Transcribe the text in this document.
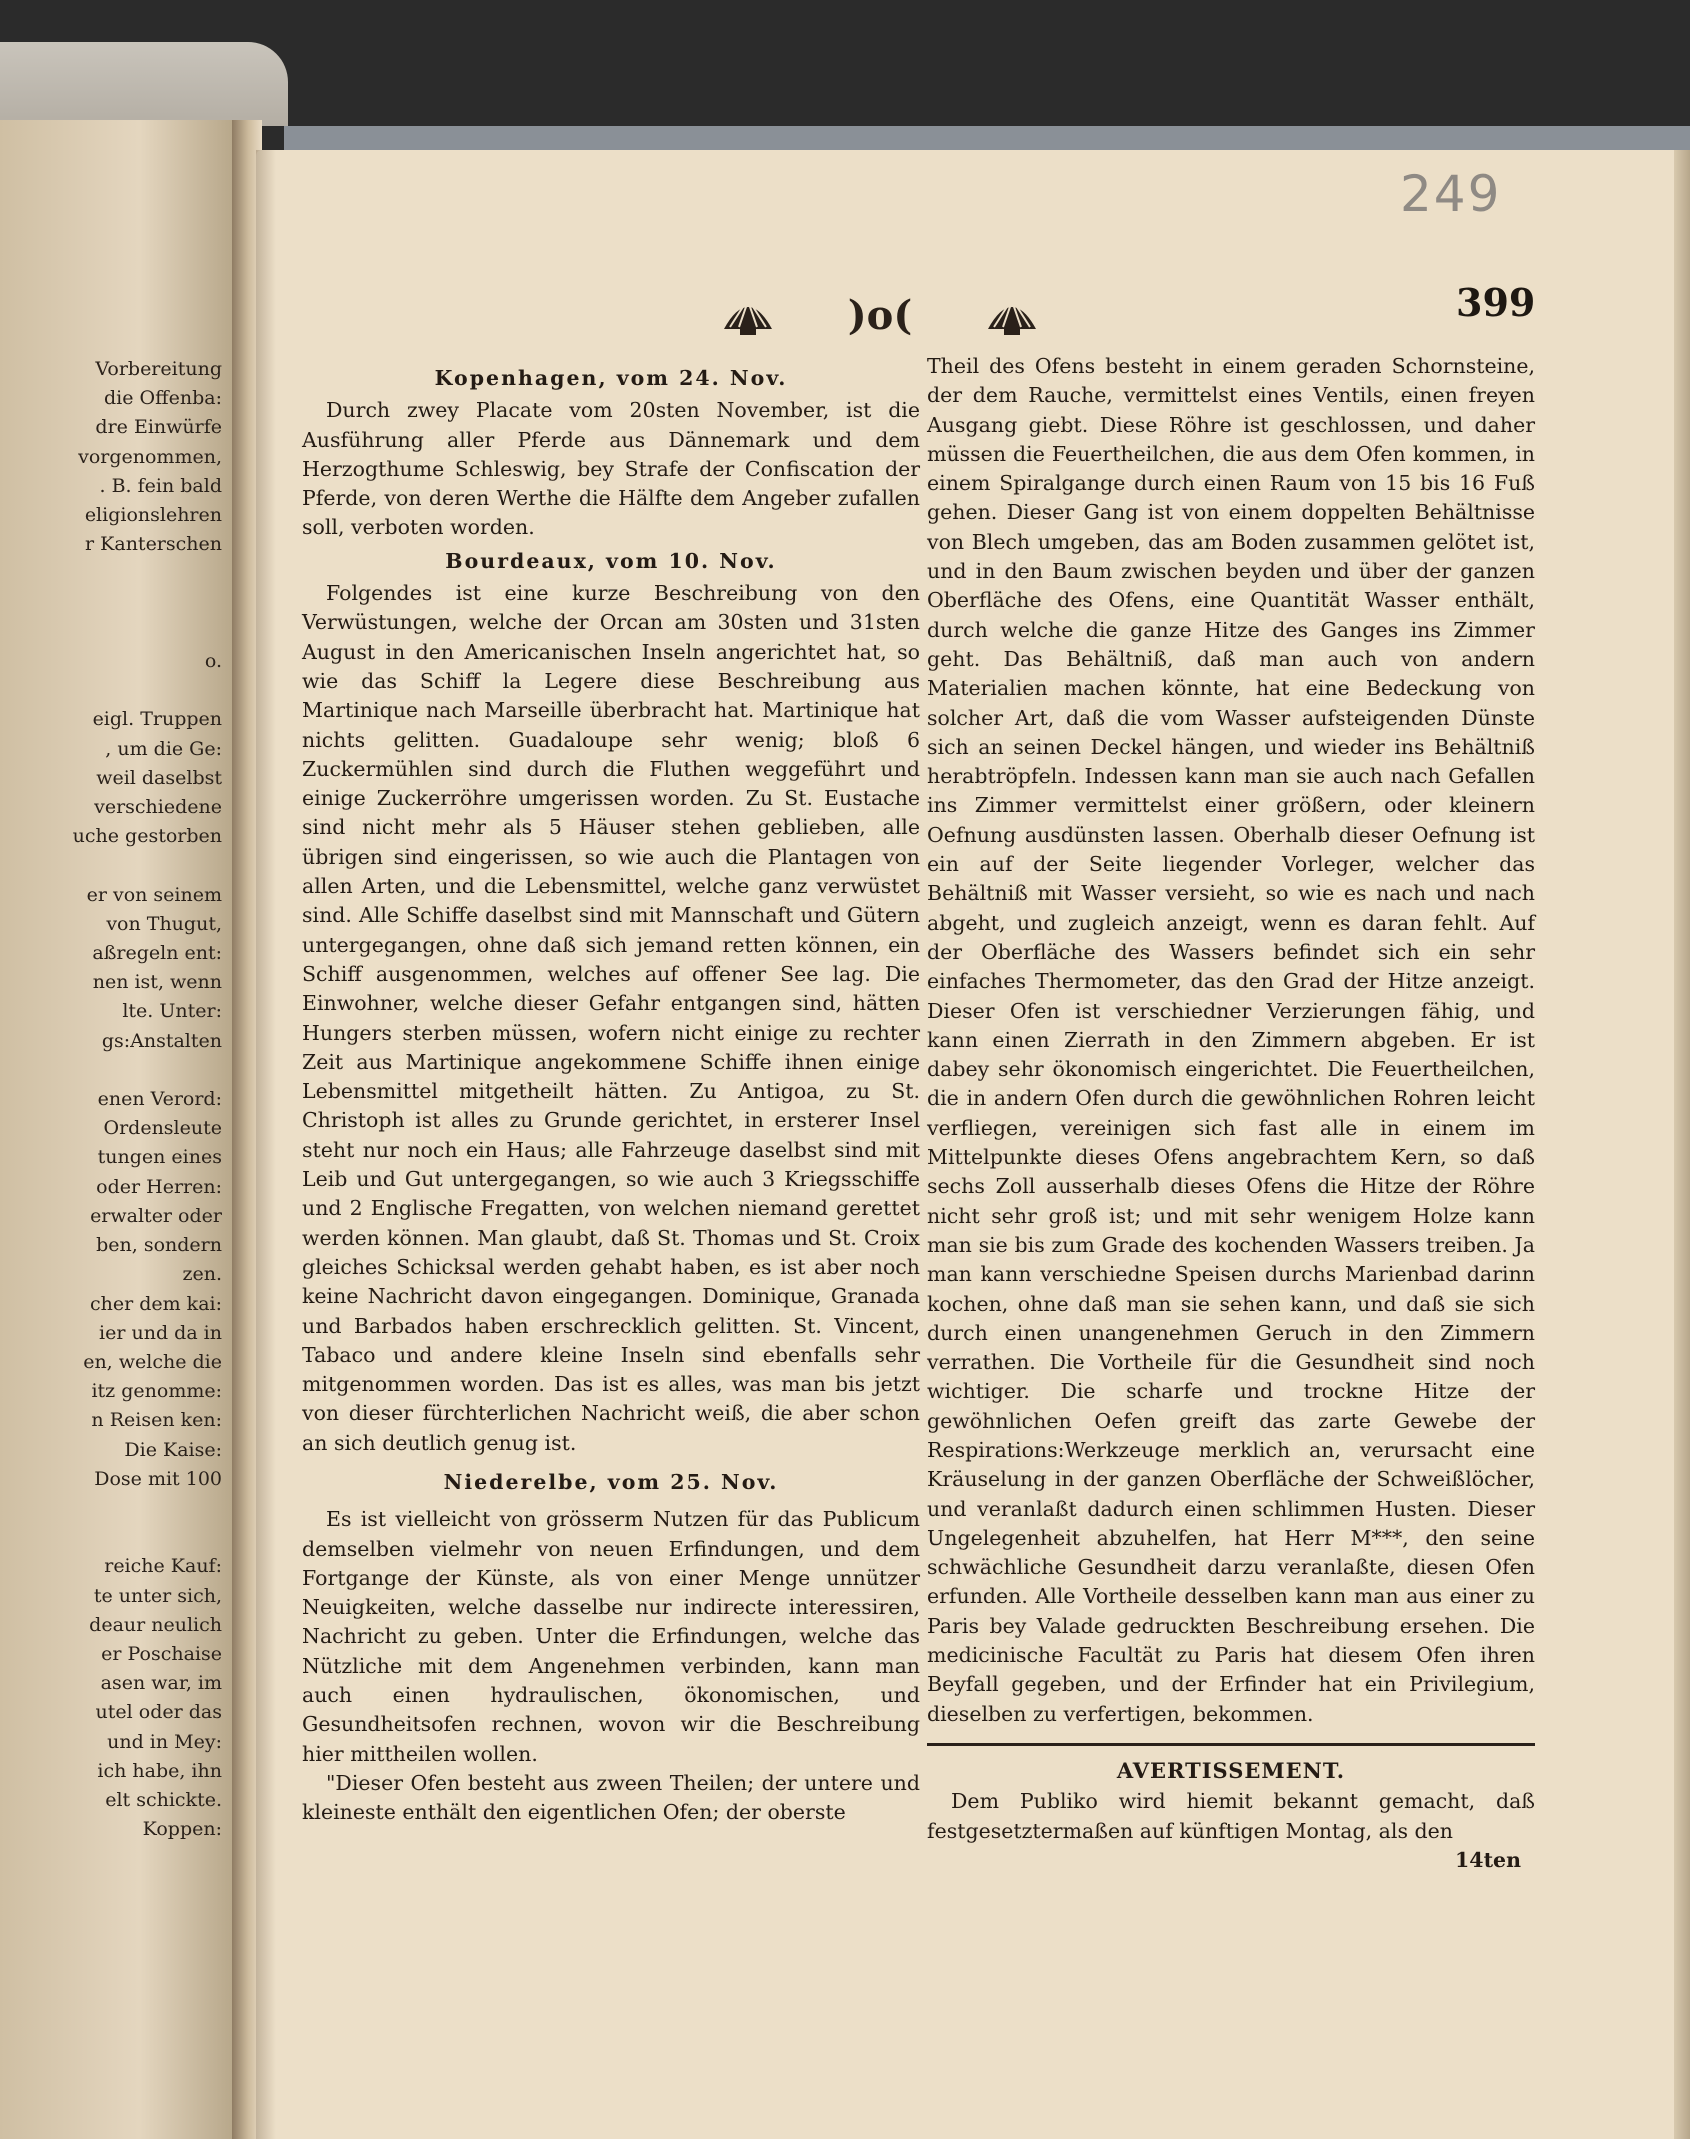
Vorbereitung
die Offenba:
dre Einwürfe
vorgenommen,
. B. fein bald
eligionslehren
r Kanterschen

o.

eigl. Truppen
, um die Ge:
weil daselbst
verschiedene
uche gestorben

er von seinem
von Thugut,
aßregeln ent:
nen ist, wenn
lte. Unter:
gs:Anstalten

enen Verord:
Ordensleute
tungen eines
oder Herren:
erwalter oder
ben, sondern
zen.
cher dem kai:
ier und da in
en, welche die
itz genomme:
n Reisen ken:
Die Kaise:
Dose mit 100

reiche Kauf:
te unter sich,
deaur neulich
er Poschaise
asen war, im
utel oder das
und in Mey:
ich habe, ihn
elt schickte.
Koppen:
249
)o(	399

Kopenhagen, vom 24. Nov.

Durch zwey Placate vom 20sten November, ist die Ausführung aller Pferde aus Dännemark und dem Herzogthume Schleswig, bey Strafe der Confiscation der Pferde, von deren Werthe die Hälfte dem Angeber zufallen soll, verboten worden.

Bourdeaux, vom 10. Nov.

Folgendes ist eine kurze Beschreibung von den Verwüstungen, welche der Orcan am 30sten und 31sten August in den Americanischen Inseln angerichtet hat, so wie das Schiff la Legere diese Beschreibung aus Martinique nach Marseille überbracht hat. Martinique hat nichts gelitten. Guadaloupe sehr wenig; bloß 6 Zuckermühlen sind durch die Fluthen weggeführt und einige Zuckerröhre umgerissen worden. Zu St. Eustache sind nicht mehr als 5 Häuser stehen geblieben, alle übrigen sind eingerissen, so wie auch die Plantagen von allen Arten, und die Lebensmittel, welche ganz verwüstet sind. Alle Schiffe daselbst sind mit Mannschaft und Gütern untergegangen, ohne daß sich jemand retten können, ein Schiff ausgenommen, welches auf offener See lag. Die Einwohner, welche dieser Gefahr entgangen sind, hätten Hungers sterben müssen, wofern nicht einige zu rechter Zeit aus Martinique angekommene Schiffe ihnen einige Lebensmittel mitgetheilt hätten. Zu Antigoa, zu St. Christoph ist alles zu Grunde gerichtet, in ersterer Insel steht nur noch ein Haus; alle Fahrzeuge daselbst sind mit Leib und Gut untergegangen, so wie auch 3 Kriegsschiffe und 2 Englische Fregatten, von welchen niemand gerettet werden können. Man glaubt, daß St. Thomas und St. Croix gleiches Schicksal werden gehabt haben, es ist aber noch keine Nachricht davon eingegangen. Dominique, Granada und Barbados haben erschrecklich gelitten. St. Vincent, Tabaco und andere kleine Inseln sind ebenfalls sehr mitgenommen worden. Das ist es alles, was man bis jetzt von dieser fürchterlichen Nachricht weiß, die aber schon an sich deutlich genug ist.

Niederelbe, vom 25. Nov.

Es ist vielleicht von grösserm Nutzen für das Publicum demselben vielmehr von neuen Erfindungen, und dem Fortgange der Künste, als von einer Menge unnützer Neuigkeiten, welche dasselbe nur indirecte interessiren, Nachricht zu geben. Unter die Erfindungen, welche das Nützliche mit dem Angenehmen verbinden, kann man auch einen hydraulischen, ökonomischen, und Gesundheitsofen rechnen, wovon wir die Beschreibung hier mittheilen wollen.

"Dieser Ofen besteht aus zween Theilen; der untere und kleineste enthält den eigentlichen Ofen; der oberste

Theil des Ofens besteht in einem geraden Schornsteine, der dem Rauche, vermittelst eines Ventils, einen freyen Ausgang giebt. Diese Röhre ist geschlossen, und daher müssen die Feuertheilchen, die aus dem Ofen kommen, in einem Spiralgange durch einen Raum von 15 bis 16 Fuß gehen. Dieser Gang ist von einem doppelten Behältnisse von Blech umgeben, das am Boden zusammen gelötet ist, und in den Baum zwischen beyden und über der ganzen Oberfläche des Ofens, eine Quantität Wasser enthält, durch welche die ganze Hitze des Ganges ins Zimmer geht. Das Behältniß, daß man auch von andern Materialien machen könnte, hat eine Bedeckung von solcher Art, daß die vom Wasser aufsteigenden Dünste sich an seinen Deckel hängen, und wieder ins Behältniß herabtröpfeln. Indessen kann man sie auch nach Gefallen ins Zimmer vermittelst einer größern, oder kleinern Oefnung ausdünsten lassen. Oberhalb dieser Oefnung ist ein auf der Seite liegender Vorleger, welcher das Behältniß mit Wasser versieht, so wie es nach und nach abgeht, und zugleich anzeigt, wenn es daran fehlt. Auf der Oberfläche des Wassers befindet sich ein sehr einfaches Thermometer, das den Grad der Hitze anzeigt. Dieser Ofen ist verschiedner Verzierungen fähig, und kann einen Zierrath in den Zimmern abgeben. Er ist dabey sehr ökonomisch eingerichtet. Die Feuertheilchen, die in andern Ofen durch die gewöhnlichen Rohren leicht verfliegen, vereinigen sich fast alle in einem im Mittelpunkte dieses Ofens angebrachtem Kern, so daß sechs Zoll ausserhalb dieses Ofens die Hitze der Röhre nicht sehr groß ist; und mit sehr wenigem Holze kann man sie bis zum Grade des kochenden Wassers treiben. Ja man kann verschiedne Speisen durchs Marienbad darinn kochen, ohne daß man sie sehen kann, und daß sie sich durch einen unangenehmen Geruch in den Zimmern verrathen. Die Vortheile für die Gesundheit sind noch wichtiger. Die scharfe und trockne Hitze der gewöhnlichen Oefen greift das zarte Gewebe der Respirations:Werkzeuge merklich an, verursacht eine Kräuselung in der ganzen Oberfläche der Schweißlöcher, und veranlaßt dadurch einen schlimmen Husten. Dieser Ungelegenheit abzuhelfen, hat Herr M***, den seine schwächliche Gesundheit darzu veranlaßte, diesen Ofen erfunden. Alle Vortheile desselben kann man aus einer zu Paris bey Valade gedruckten Beschreibung ersehen. Die medicinische Facultät zu Paris hat diesem Ofen ihren Beyfall gegeben, und der Erfinder hat ein Privilegium, dieselben zu verfertigen, bekommen.

AVERTISSEMENT.

Dem Publiko wird hiemit bekannt gemacht, daß festgesetztermaßen auf künftigen Montag, als den

14ten
